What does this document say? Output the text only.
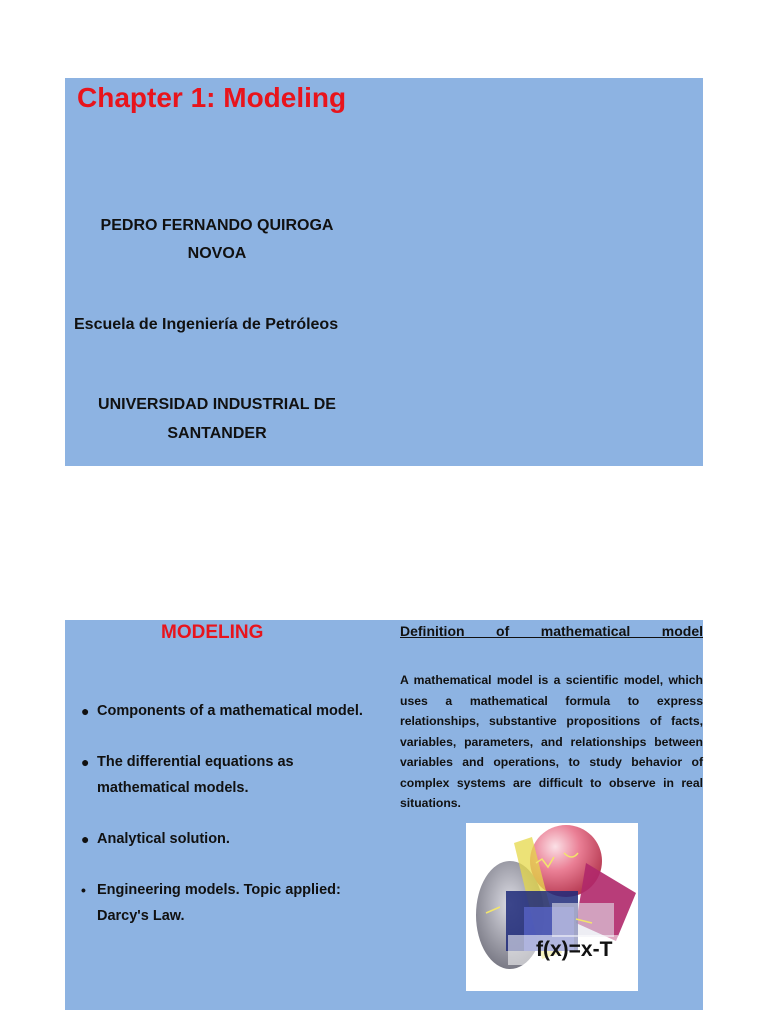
Chapter 1: Modeling
PEDRO FERNANDO QUIROGA
NOVOA
Escuela de Ingeniería de Petróleos
UNIVERSIDAD INDUSTRIAL DE
SANTANDER
MODELING
● Components of a mathematical model.
● The differential equations as mathematical models.
● Analytical solution.
• Engineering models. Topic applied: Darcy's Law.
Definition of mathematical model

A mathematical model is a scientific model, which uses a mathematical formula to express relationships, substantive propositions of facts, variables, parameters, and relationships between variables and operations, to study behavior of complex systems are difficult to observe in real situations.

f(x)=x-T
